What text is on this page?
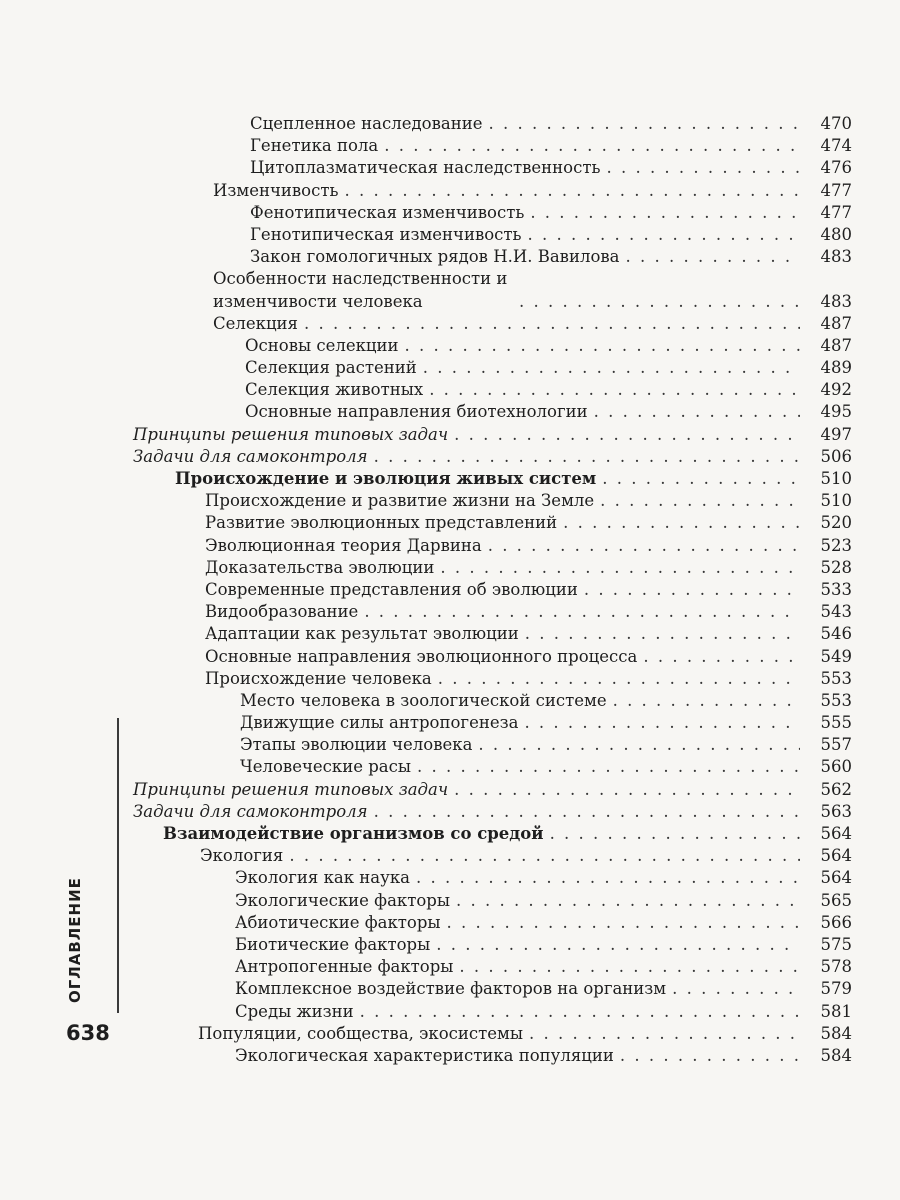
Сцепленное наследование . . .	470
Генетика пола . . .	474
Цитоплазматическая наследственность . . .	476
Изменчивость . . .	477
Фенотипическая изменчивость . . .	477
Генотипическая изменчивость . . .	480
Закон гомологичных рядов Н.И. Вавилова . . .	483
Особенности наследственности и изменчивости человека . . .	483
Селекция . . .	487
Основы селекции . . .	487
Селекция растений . . .	489
Селекция животных . . .	492
Основные направления биотехнологии . . .	495
Принципы решения типовых задач . . .	497
Задачи для самоконтроля . . .	506
Происхождение и эволюция живых систем . . .	510
Происхождение и развитие жизни на Земле . . .	510
Развитие эволюционных представлений . . .	520
Эволюционная теория Дарвина . . .	523
Доказательства эволюции . . .	528
Современные представления об эволюции . . .	533
Видообразование . . .	543
Адаптации как результат эволюции . . .	546
Основные направления эволюционного процесса . . .	549
Происхождение человека . . .	553
Место человека в зоологической системе . . .	553
Движущие силы антропогенеза . . .	555
Этапы эволюции человека . . .	557
Человеческие расы . . .	560
Принципы решения типовых задач . . .	562
Задачи для самоконтроля . . .	563
Взаимодействие организмов со средой . . .	564
Экология . . .	564
Экология как наука . . .	564
Экологические факторы . . .	565
Абиотические факторы . . .	566
Биотические факторы . . .	575
Антропогенные факторы . . .	578
Комплексное воздействие факторов на организм . . .	579
Среды жизни . . .	581
Популяции, сообщества, экосистемы . . .	584
Экологическая характеристика популяции . . .	584
ОГЛАВЛЕНИЕ
638
